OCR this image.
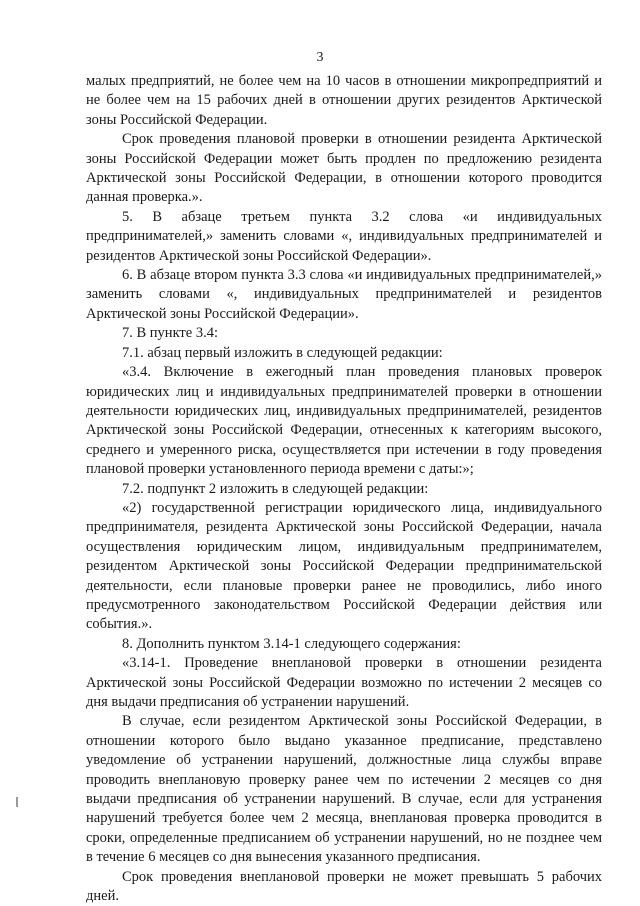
3

малых предприятий, не более чем на 10 часов в отношении микропредприятий и не более чем на 15 рабочих дней в отношении других резидентов Арктической зоны Российской Федерации.

Срок проведения плановой проверки в отношении резидента Арктической зоны Российской Федерации может быть продлен по предложению резидента Арктической зоны Российской Федерации, в отношении которого проводится данная проверка.».

5. В абзаце третьем пункта 3.2 слова «и индивидуальных предпринимателей,» заменить словами «, индивидуальных предпринимателей и резидентов Арктической зоны Российской Федерации».

6. В абзаце втором пункта 3.3 слова «и индивидуальных предпринимателей,» заменить словами «, индивидуальных предпринимателей и резидентов Арктической зоны Российской Федерации».

7. В пункте 3.4:

7.1. абзац первый изложить в следующей редакции:

«3.4. Включение в ежегодный план проведения плановых проверок юридических лиц и индивидуальных предпринимателей проверки в отношении деятельности юридических лиц, индивидуальных предпринимателей, резидентов Арктической зоны Российской Федерации, отнесенных к категориям высокого, среднего и умеренного риска, осуществляется при истечении в году проведения плановой проверки установленного периода времени с даты:»;

7.2. подпункт 2 изложить в следующей редакции:

«2) государственной регистрации юридического лица, индивидуального предпринимателя, резидента Арктической зоны Российской Федерации, начала осуществления юридическим лицом, индивидуальным предпринимателем, резидентом Арктической зоны Российской Федерации предпринимательской деятельности, если плановые проверки ранее не проводились, либо иного предусмотренного законодательством Российской Федерации действия или события.».

8. Дополнить пунктом 3.14-1 следующего содержания:

«3.14-1. Проведение внеплановой проверки в отношении резидента Арктической зоны Российской Федерации возможно по истечении 2 месяцев со дня выдачи предписания об устранении нарушений.

В случае, если резидентом Арктической зоны Российской Федерации, в отношении которого было выдано указанное предписание, представлено уведомление об устранении нарушений, должностные лица службы вправе проводить внеплановую проверку ранее чем по истечении 2 месяцев со дня выдачи предписания об устранении нарушений. В случае, если для устранения нарушений требуется более чем 2 месяца, внеплановая проверка проводится в сроки, определенные предписанием об устранении нарушений, но не позднее чем в течение 6 месяцев со дня вынесения указанного предписания.

Срок проведения внеплановой проверки не может превышать 5 рабочих дней.
